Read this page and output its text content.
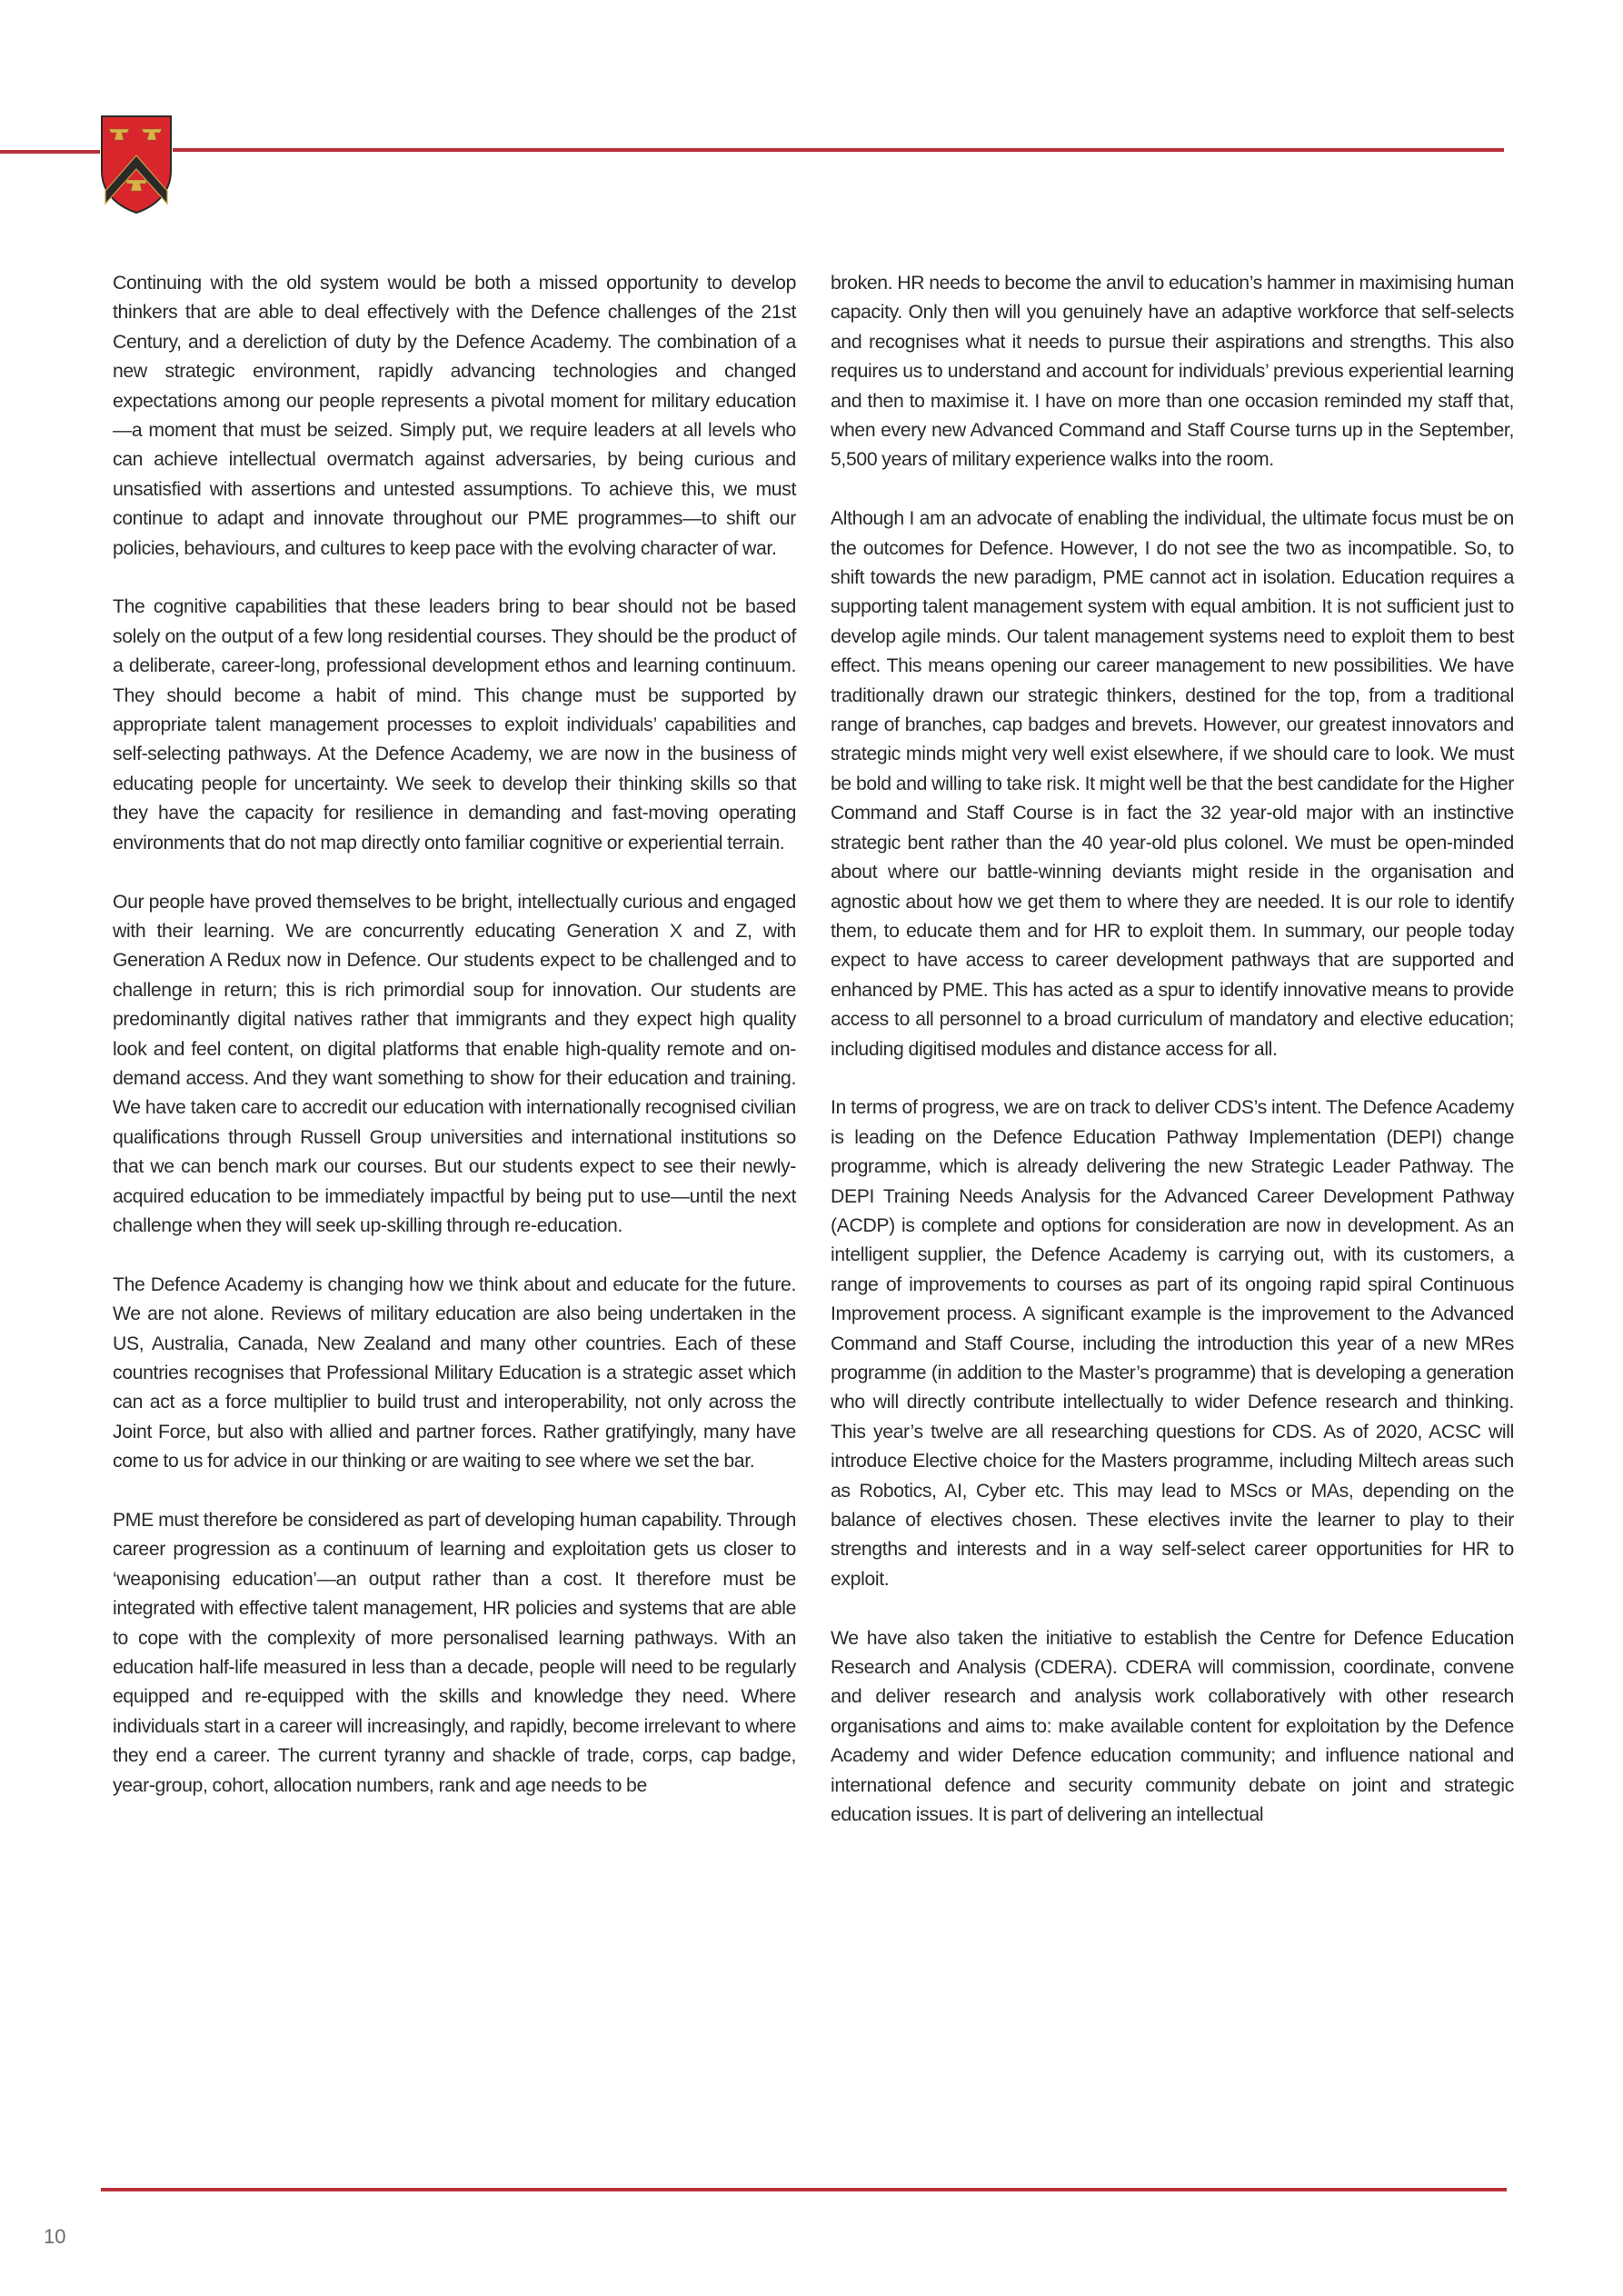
Continuing with the old system would be both a missed opportunity to develop thinkers that are able to deal effectively with the Defence challenges of the 21st Century, and a dereliction of duty by the Defence Academy. The combination of a new strategic environment, rapidly advancing technologies and changed expectations among our people represents a pivotal moment for military education—a moment that must be seized. Simply put, we require leaders at all levels who can achieve intellectual overmatch against adversaries, by being curious and unsatisfied with assertions and untested assumptions. To achieve this, we must continue to adapt and innovate throughout our PME programmes—to shift our policies, behaviours, and cultures to keep pace with the evolving character of war.

The cognitive capabilities that these leaders bring to bear should not be based solely on the output of a few long residential courses. They should be the product of a deliberate, career-long, professional development ethos and learning continuum. They should become a habit of mind. This change must be supported by appropriate talent management processes to exploit individuals’ capabilities and self-selecting pathways. At the Defence Academy, we are now in the business of educating people for uncertainty. We seek to develop their thinking skills so that they have the capacity for resilience in demanding and fast-moving operating environments that do not map directly onto familiar cognitive or experiential terrain.

Our people have proved themselves to be bright, intellectually curious and engaged with their learning. We are concurrently educating Generation X and Z, with Generation A Redux now in Defence. Our students expect to be challenged and to challenge in return; this is rich primordial soup for innovation. Our students are predominantly digital natives rather that immigrants and they expect high quality look and feel content, on digital platforms that enable high-quality remote and on-demand access. And they want something to show for their education and training. We have taken care to accredit our education with internationally recognised civilian qualifications through Russell Group universities and international institutions so that we can bench mark our courses. But our students expect to see their newly-acquired education to be immediately impactful by being put to use—until the next challenge when they will seek up-skilling through re-education.

The Defence Academy is changing how we think about and educate for the future. We are not alone. Reviews of military education are also being undertaken in the US, Australia, Canada, New Zealand and many other countries. Each of these countries recognises that Professional Military Education is a strategic asset which can act as a force multiplier to build trust and interoperability, not only across the Joint Force, but also with allied and partner forces. Rather gratifyingly, many have come to us for advice in our thinking or are waiting to see where we set the bar.

PME must therefore be considered as part of developing human capability. Through career progression as a continuum of learning and exploitation gets us closer to ‘weaponising education’—an output rather than a cost. It therefore must be integrated with effective talent management, HR policies and systems that are able to cope with the complexity of more personalised learning pathways. With an education half-life measured in less than a decade, people will need to be regularly equipped and re-equipped with the skills and knowledge they need. Where individuals start in a career will increasingly, and rapidly, become irrelevant to where they end a career. The current tyranny and shackle of trade, corps, cap badge, year-group, cohort, allocation numbers, rank and age needs to be

broken. HR needs to become the anvil to education’s hammer in maximising human capacity. Only then will you genuinely have an adaptive workforce that self-selects and recognises what it needs to pursue their aspirations and strengths. This also requires us to understand and account for individuals’ previous experiential learning and then to maximise it. I have on more than one occasion reminded my staff that, when every new Advanced Command and Staff Course turns up in the September, 5,500 years of military experience walks into the room.

Although I am an advocate of enabling the individual, the ultimate focus must be on the outcomes for Defence. However, I do not see the two as incompatible. So, to shift towards the new paradigm, PME cannot act in isolation. Education requires a supporting talent management system with equal ambition. It is not sufficient just to develop agile minds. Our talent management systems need to exploit them to best effect. This means opening our career management to new possibilities. We have traditionally drawn our strategic thinkers, destined for the top, from a traditional range of branches, cap badges and brevets. However, our greatest innovators and strategic minds might very well exist elsewhere, if we should care to look. We must be bold and willing to take risk. It might well be that the best candidate for the Higher Command and Staff Course is in fact the 32 year-old major with an instinctive strategic bent rather than the 40 year-old plus colonel. We must be open-minded about where our battle-winning deviants might reside in the organisation and agnostic about how we get them to where they are needed. It is our role to identify them, to educate them and for HR to exploit them. In summary, our people today expect to have access to career development pathways that are supported and enhanced by PME. This has acted as a spur to identify innovative means to provide access to all personnel to a broad curriculum of mandatory and elective education; including digitised modules and distance access for all.

In terms of progress, we are on track to deliver CDS’s intent. The Defence Academy is leading on the Defence Education Pathway Implementation (DEPI) change programme, which is already delivering the new Strategic Leader Pathway. The DEPI Training Needs Analysis for the Advanced Career Development Pathway (ACDP) is complete and options for consideration are now in development. As an intelligent supplier, the Defence Academy is carrying out, with its customers, a range of improvements to courses as part of its ongoing rapid spiral Continuous Improvement process. A significant example is the improvement to the Advanced Command and Staff Course, including the introduction this year of a new MRes programme (in addition to the Master’s programme) that is developing a generation who will directly contribute intellectually to wider Defence research and thinking. This year’s twelve are all researching questions for CDS. As of 2020, ACSC will introduce Elective choice for the Masters programme, including Miltech areas such as Robotics, AI, Cyber etc. This may lead to MScs or MAs, depending on the balance of electives chosen. These electives invite the learner to play to their strengths and interests and in a way self-select career opportunities for HR to exploit.

We have also taken the initiative to establish the Centre for Defence Education Research and Analysis (CDERA). CDERA will commission, coordinate, convene and deliver research and analysis work collaboratively with other research organisations and aims to: make available content for exploitation by the Defence Academy and wider Defence education community; and influence national and international defence and security community debate on joint and strategic education issues. It is part of delivering an intellectual

10
